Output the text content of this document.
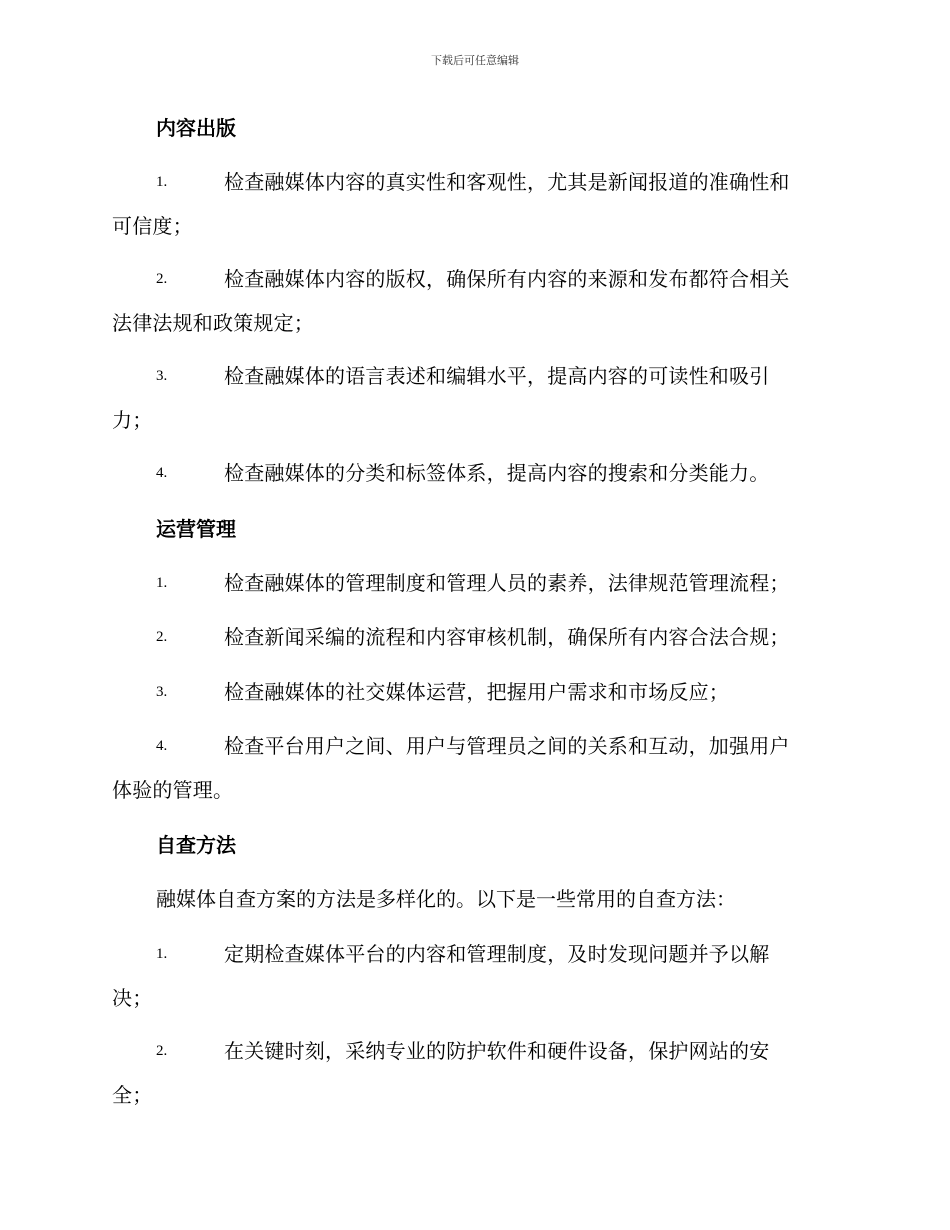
下载后可任意编辑
内容出版
1.	检查融媒体内容的真实性和客观性，尤其是新闻报道的准确性和
可信度；
2.	检查融媒体内容的版权，确保所有内容的来源和发布都符合相关
法律法规和政策规定；
3.	检查融媒体的语言表述和编辑水平，提高内容的可读性和吸引
力；
4.	检查融媒体的分类和标签体系，提高内容的搜索和分类能力。
运营管理
1.	检查融媒体的管理制度和管理人员的素养，法律规范管理流程；
2.	检查新闻采编的流程和内容审核机制，确保所有内容合法合规；
3.	检查融媒体的社交媒体运营，把握用户需求和市场反应；
4.	检查平台用户之间、用户与管理员之间的关系和互动，加强用户
体验的管理。
自查方法
融媒体自查方案的方法是多样化的。以下是一些常用的自查方法：
1.	定期检查媒体平台的内容和管理制度，及时发现问题并予以解
决；
2.	在关键时刻，采纳专业的防护软件和硬件设备，保护网站的安
全；
